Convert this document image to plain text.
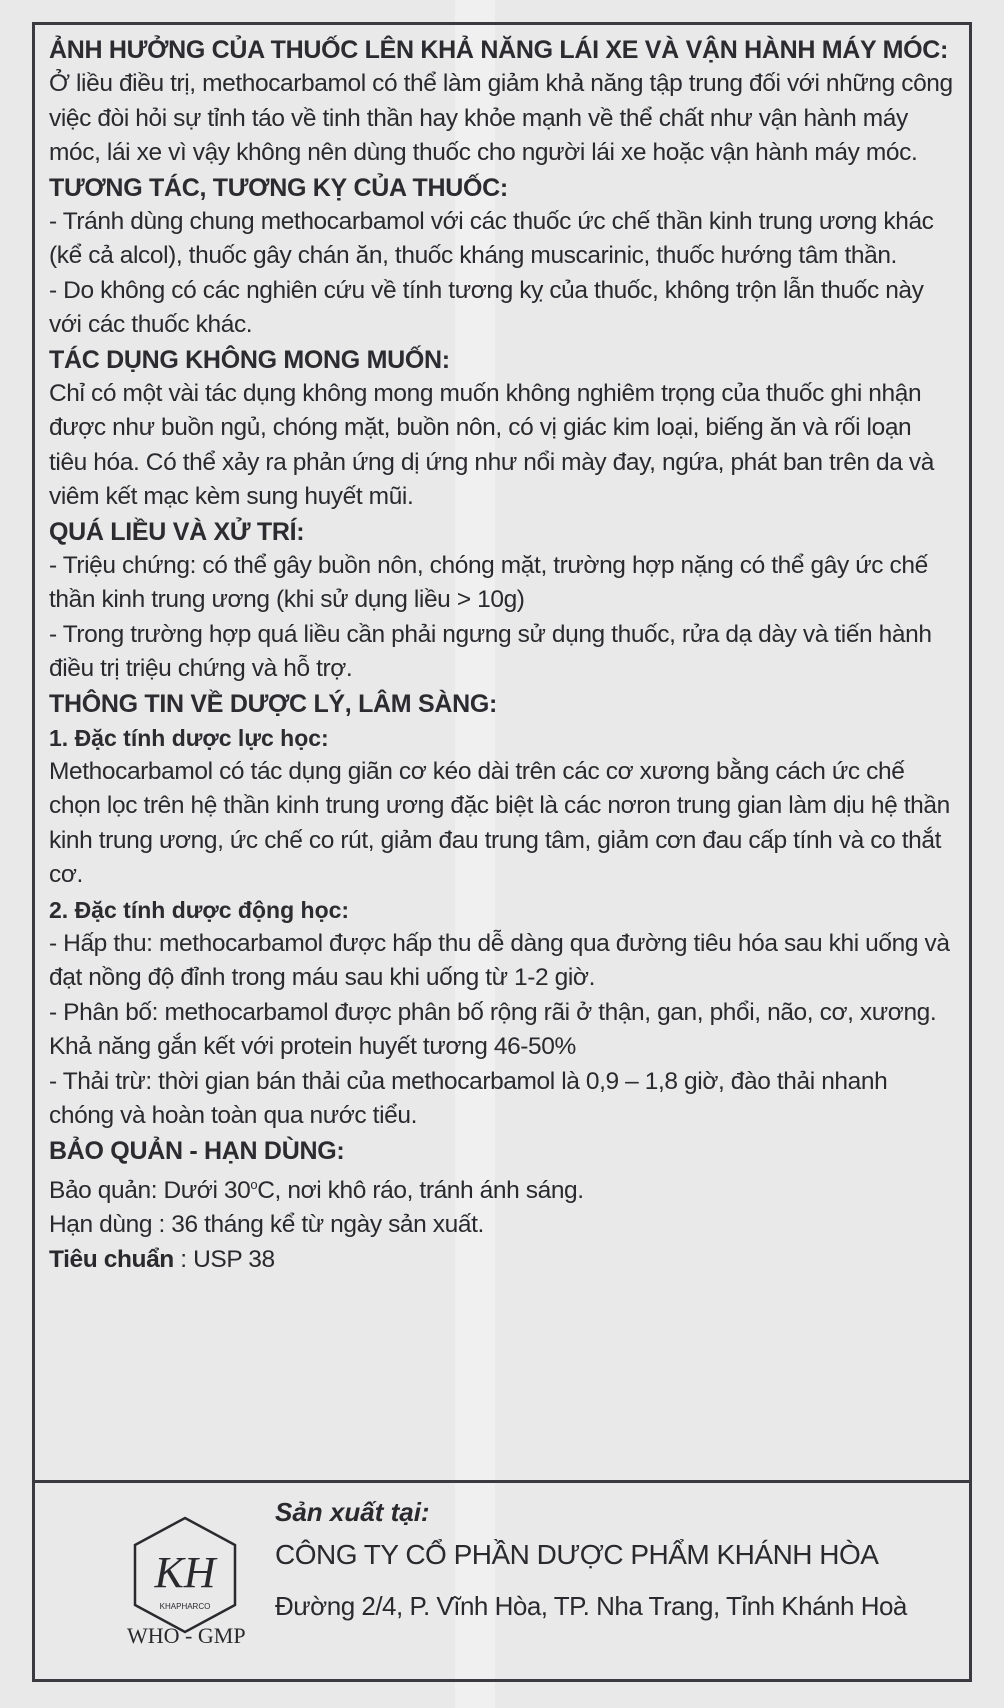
ẢNH HƯỞNG CỦA THUỐC LÊN KHẢ NĂNG LÁI XE VÀ VẬN HÀNH MÁY MÓC:

Ở liều điều trị, methocarbamol có thể làm giảm khả năng tập trung đối với những công việc đòi hỏi sự tỉnh táo về tinh thần hay khỏe mạnh về thể chất như vận hành máy móc, lái xe vì vậy không nên dùng thuốc cho người lái xe hoặc vận hành máy móc.

TƯƠNG TÁC, TƯƠNG KỴ CỦA THUỐC:

- Tránh dùng chung methocarbamol với các thuốc ức chế thần kinh trung ương khác (kể cả alcol), thuốc gây chán ăn, thuốc kháng muscarinic, thuốc hướng tâm thần.

- Do không có các nghiên cứu về tính tương kỵ của thuốc, không trộn lẫn thuốc này với các thuốc khác.

TÁC DỤNG KHÔNG MONG MUỐN:

Chỉ có một vài tác dụng không mong muốn không nghiêm trọng của thuốc ghi nhận được như buồn ngủ, chóng mặt, buồn nôn, có vị giác kim loại, biếng ăn và rối loạn tiêu hóa. Có thể xảy ra phản ứng dị ứng như nổi mày đay, ngứa, phát ban trên da và viêm kết mạc kèm sung huyết mũi.

QUÁ LIỀU VÀ XỬ TRÍ:

- Triệu chứng: có thể gây buồn nôn, chóng mặt, trường hợp nặng có thể gây ức chế thần kinh trung ương (khi sử dụng liều > 10g)

- Trong trường hợp quá liều cần phải ngưng sử dụng thuốc, rửa dạ dày và tiến hành điều trị triệu chứng và hỗ trợ.

THÔNG TIN VỀ DƯỢC LÝ, LÂM SÀNG:
1. Đặc tính dược lực học:

Methocarbamol có tác dụng giãn cơ kéo dài trên các cơ xương bằng cách ức chế chọn lọc trên hệ thần kinh trung ương đặc biệt là các nơron trung gian làm dịu hệ thần kinh trung ương, ức chế co rút, giảm đau trung tâm, giảm cơn đau cấp tính và co thắt cơ.

2. Đặc tính dược động học:

- Hấp thu: methocarbamol được hấp thu dễ dàng qua đường tiêu hóa sau khi uống và đạt nồng độ đỉnh trong máu sau khi uống từ 1-2 giờ.

- Phân bố: methocarbamol được phân bố rộng rãi ở thận, gan, phổi, não, cơ, xương. Khả năng gắn kết với protein huyết tương 46-50%

- Thải trừ: thời gian bán thải của methocarbamol là 0,9 – 1,8 giờ, đào thải nhanh chóng và hoàn toàn qua nước tiểu.

BẢO QUẢN - HẠN DÙNG:

Bảo quản: Dưới 30$^o$C, nơi khô ráo, tránh ánh sáng.

Hạn dùng : 36 tháng kể từ ngày sản xuất.

Tiêu chuẩn : USP 38

KH
KHAPHARCO
WHO - GMP
Sản xuất tại:
CÔNG TY CỔ PHẦN DƯỢC PHẨM KHÁNH HÒA
Đường 2/4, P. Vĩnh Hòa, TP. Nha Trang, Tỉnh Khánh Hoà
